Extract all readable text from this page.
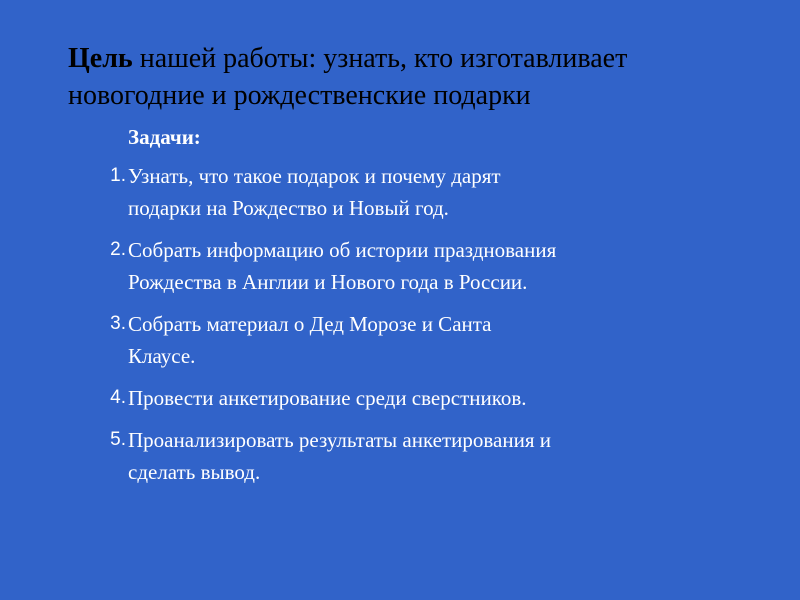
Цель нашей работы: узнать, кто изготавливает новогодние и рождественские подарки

Задачи:

1. Узнать, что такое подарок и почему дарят
подарки на Рождество и Новый год.
2. Собрать информацию об истории празднования
Рождества в Англии и Нового года в России.
3. Собрать материал о Дед Морозе и Санта
Клаусе.
4. Провести анкетирование среди сверстников.
5. Проанализировать результаты анкетирования и
сделать вывод.
